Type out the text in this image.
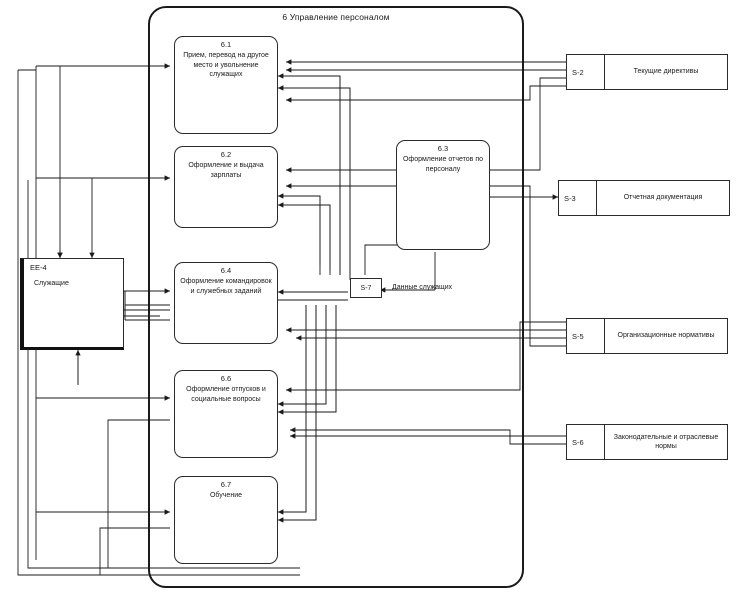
6 Управление персоналом
EE-4
Служащие
6.1
Прием, перевод на другое место и увольнение служащих
6.2
Оформление и выдача зарплаты
6.3
Оформление отчетов по персоналу
6.4
Оформление командировок и служебных заданий
6.6
Оформление отпусков и социальные вопросы
6.7
Обучение
S-7	Данные служащих
S-2	Текущие директивы
S-3	Отчетная документация
S-5	Организационные нормативы
S-6
Законодательные и отраслевые нормы
